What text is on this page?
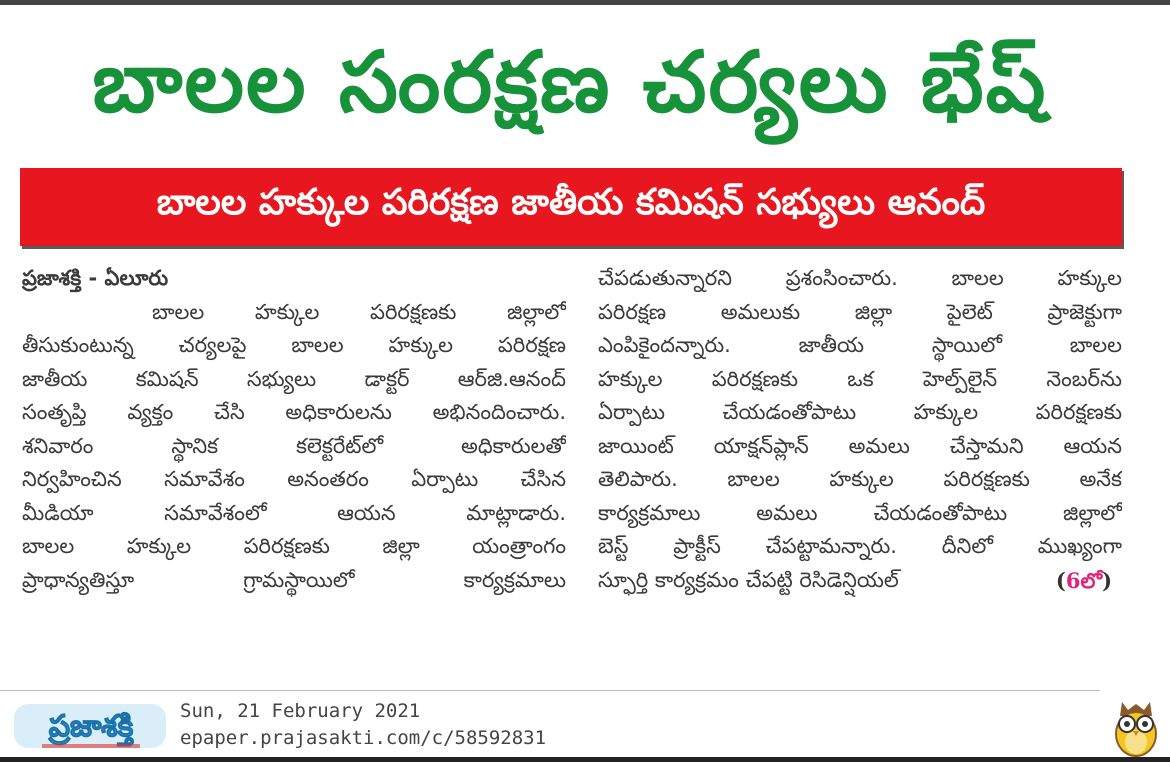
బాలల సంరక్షణ చర్యలు భేష్
బాలల హక్కుల పరిరక్షణ జాతీయ కమిషన్ సభ్యులు ఆనంద్
ప్రజాశక్తి - ఏలూరు
బాలల హక్కుల పరిరక్షణకు జిల్లాలో
తీసుకుంటున్న చర్యలపై బాలల హక్కుల పరిరక్షణ
జాతీయ కమిషన్ సభ్యులు డాక్టర్ ఆర్‌జి.ఆనంద్
సంతృప్తి వ్యక్తం చేసి అధికారులను అభినందించారు.
శనివారం స్థానిక కలెక్టరేట్‌లో అధికారులతో
నిర్వహించిన సమావేశం అనంతరం ఏర్పాటు చేసిన
మీడియా సమావేశంలో ఆయన మాట్లాడారు.
బాలల హక్కుల పరిరక్షణకు జిల్లా యంత్రాంగం
ప్రాధాన్యతిస్తూ గ్రామస్థాయిలో కార్యక్రమాలు
చేపడుతున్నారని ప్రశంసించారు. బాలల హక్కుల
పరిరక్షణ అమలుకు జిల్లా పైలెట్ ప్రాజెక్టుగా
ఎంపికైందన్నారు. జాతీయ స్థాయిలో బాలల
హక్కుల పరిరక్షణకు ఒక హెల్ప్‌లైన్ నెంబర్‌ను
ఏర్పాటు చేయడంతోపాటు హక్కుల పరిరక్షణకు
జాయింట్ యాక్షన్‌ప్లాన్ అమలు చేస్తామని ఆయన
తెలిపారు. బాలల హక్కుల పరిరక్షణకు అనేక
కార్యక్రమాలు అమలు చేయడంతోపాటు జిల్లాలో
బెస్ట్ ప్రాక్టీస్ చేపట్టామన్నారు. దీనిలో ముఖ్యంగా
స్ఫూర్తి కార్యక్రమం చేపట్టి రెసిడెన్షియల్	(6లో)
ప్రజాశక్తి Sun, 21 February 2021
epaper.prajasakti.com/c/58592831
